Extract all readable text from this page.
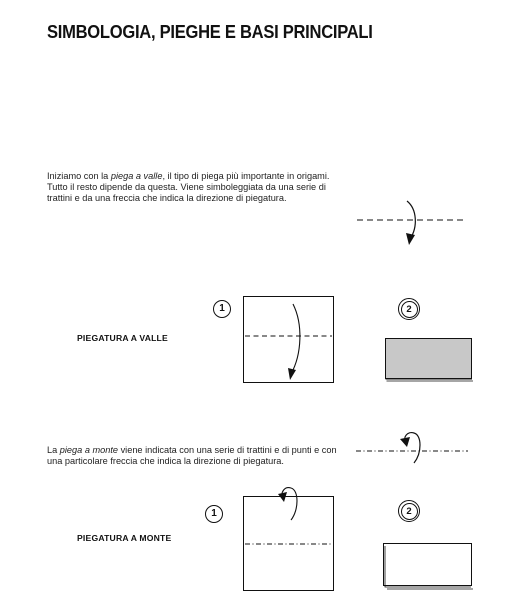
SIMBOLOGIA, PIEGHE E BASI PRINCIPALI
Iniziamo con la piega a valle, il tipo di piega più importante in origami. Tutto il resto dipende da questa. Viene simboleggiata da una serie di trattini e da una freccia che indica la direzione di piegatura.
1	2
PIEGATURA A VALLE
La piega a monte viene indicata con una serie di trattini e di punti e con una particolare freccia che indica la direzione di piegatura.
1	2
PIEGATURA A MONTE
